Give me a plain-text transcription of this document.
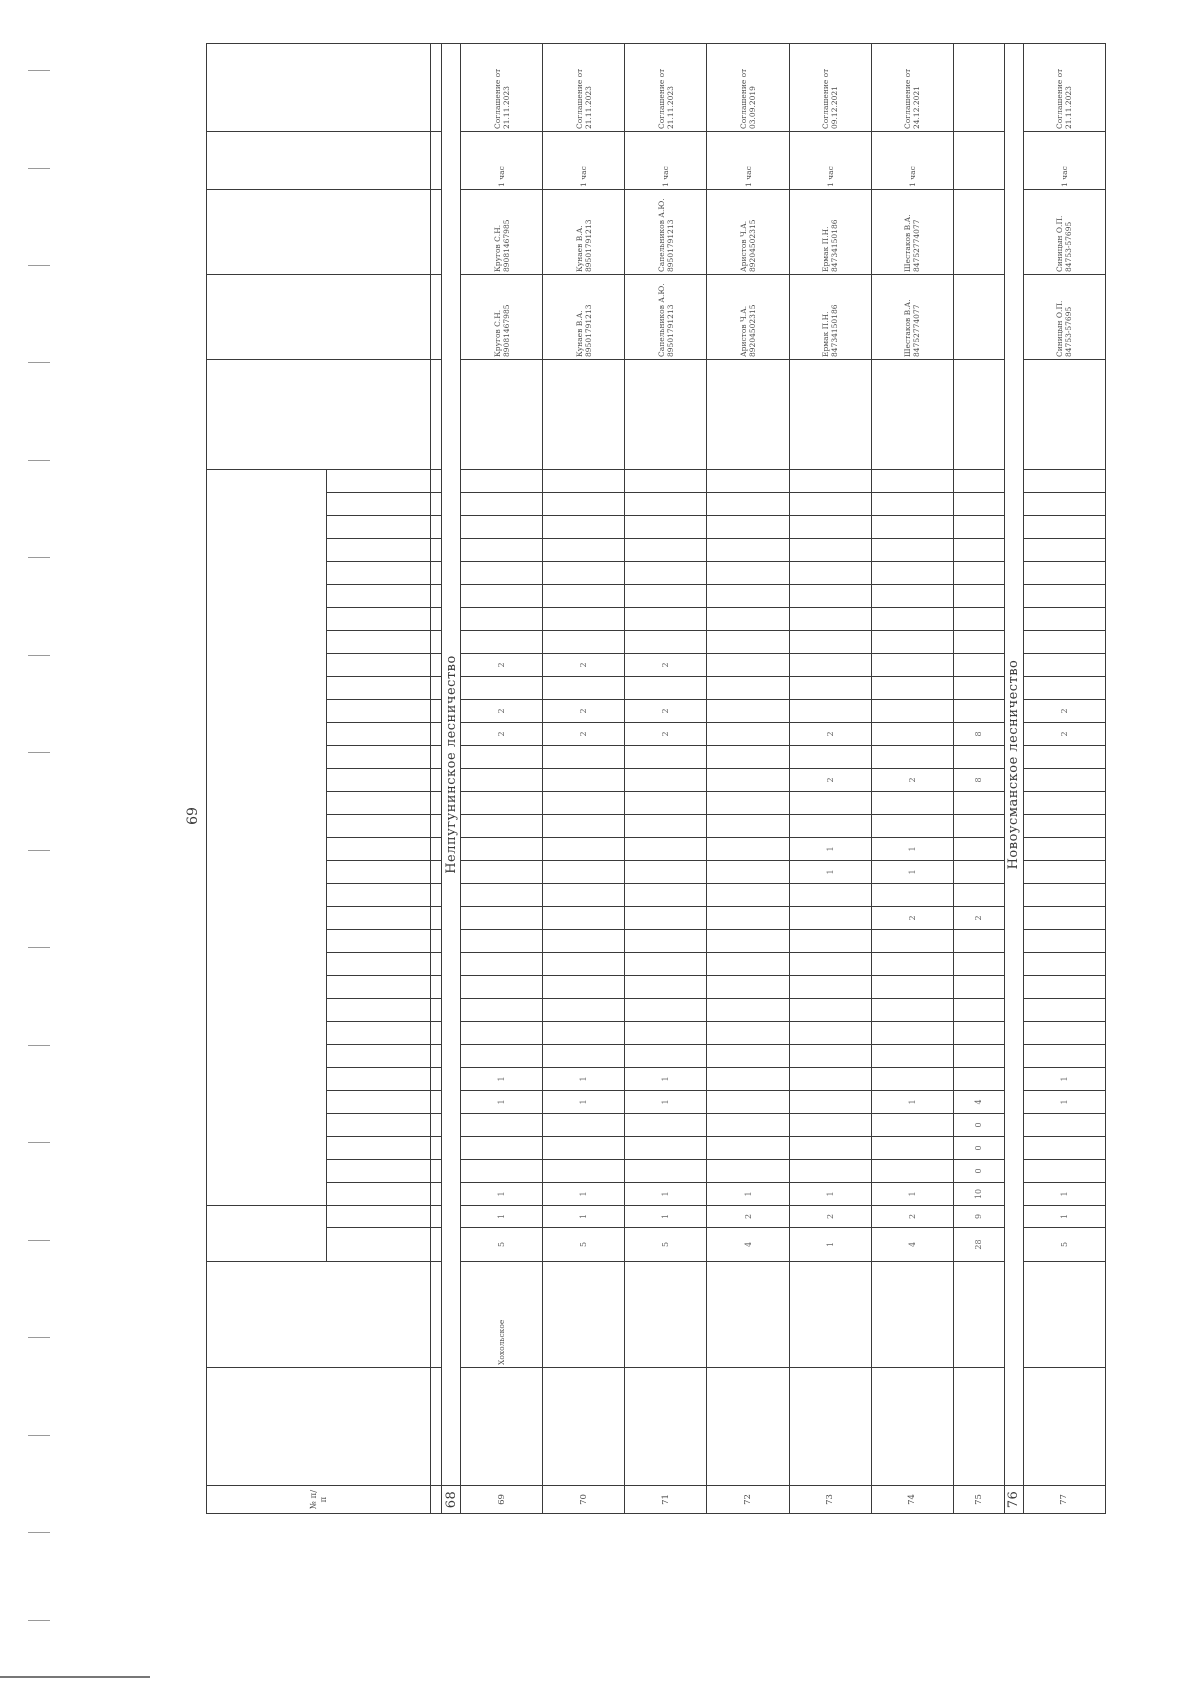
69
№ п/п																																									

68	Нелпугунинское лесничество																																								
69		Хохольское	5	1	1				1	1															2	2		2										Кругов С.Н. 89081467985	Кругов С.Н. 89081467985	1 час	Соглашение от 21.11.2023
70			5	1	1				1	1															2	2		2										Кунаев В.А. 89501791213	Кунаев В.А. 89501791213	1 час	Соглашение от 21.11.2023
71			5	1	1				1	1															2	2		2										Сапельников А.Ю. 89501791213	Сапельников А.Ю. 89501791213	1 час	Соглашение от 21.11.2023
72			4	2	1																																	Аристов Ч.А. 89204502315	Аристов Ч.А. 89204502315	1 час	Соглашение от 03.09.2019
73			1	2	1														1	1			2		2													Ермак П.Н. 84734150186	Ермак П.Н. 84734150186	1 час	Соглашение от 09.12.2021
74			4	2	1				1								2		1	1			2															Шестаков В.А. 84752774077	Шестаков В.А. 84752774077	1 час	Соглашение от 24.12.2021
75			28	9	10	0	0	0	4								2						8		8																
76	Новоусманское лесничество																																								
77			5	1	1				1	1															2	2												Синицын О.П. 84753-57695	Синицын О.П. 84753-57695	1 час	Соглашение от 21.11.2023
